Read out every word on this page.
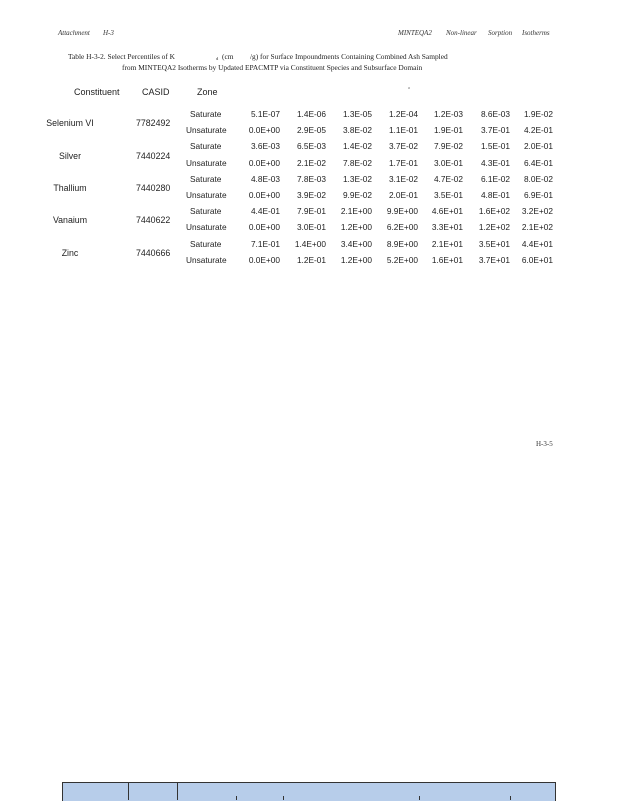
Attachment H-3	MINTEQA2 Non-linear Sorption Isotherms
Table H-3-2. Select Percentiles of K	d (cm /g) for Surface Impoundments Containing Combined Ash Sampled
from MINTEQA2 Isotherms by Updated EPACMTP via Constituent Species and Subsurface Domain
a
Constituent CASID	Zone
Selenium VI	7782492
Saturate	5.1E-07	1.4E-06	1.3E-05	1.2E-04	1.2E-03	8.6E-03	1.9E-02
Unsaturate	0.0E+00	2.9E-05	3.8E-02	1.1E-01	1.9E-01	3.7E-01	4.2E-01
Silver	7440224
Saturate	3.6E-03	6.5E-03	1.4E-02	3.7E-02	7.9E-02	1.5E-01	2.0E-01
Unsaturate	0.0E+00	2.1E-02	7.8E-02	1.7E-01	3.0E-01	4.3E-01	6.4E-01
Thallium	7440280
Saturate	4.8E-03	7.8E-03	1.3E-02	3.1E-02	4.7E-02	6.1E-02	8.0E-02
Unsaturate	0.0E+00	3.9E-02	9.9E-02	2.0E-01	3.5E-01	4.8E-01	6.9E-01
Vanaium	7440622
Saturate	4.4E-01	7.9E-01	2.1E+00	9.9E+00	4.6E+01	1.6E+02	3.2E+02
Unsaturate	0.0E+00	3.0E-01	1.2E+00	6.2E+00	3.3E+01	1.2E+02	2.1E+02
Zinc	7440666
Saturate	7.1E-01	1.4E+00	3.4E+00	8.9E+00	2.1E+01	3.5E+01	4.4E+01
Unsaturate	0.0E+00	1.2E-01	1.2E+00	5.2E+00	1.6E+01	3.7E+01	6.0E+01
H-3-5
